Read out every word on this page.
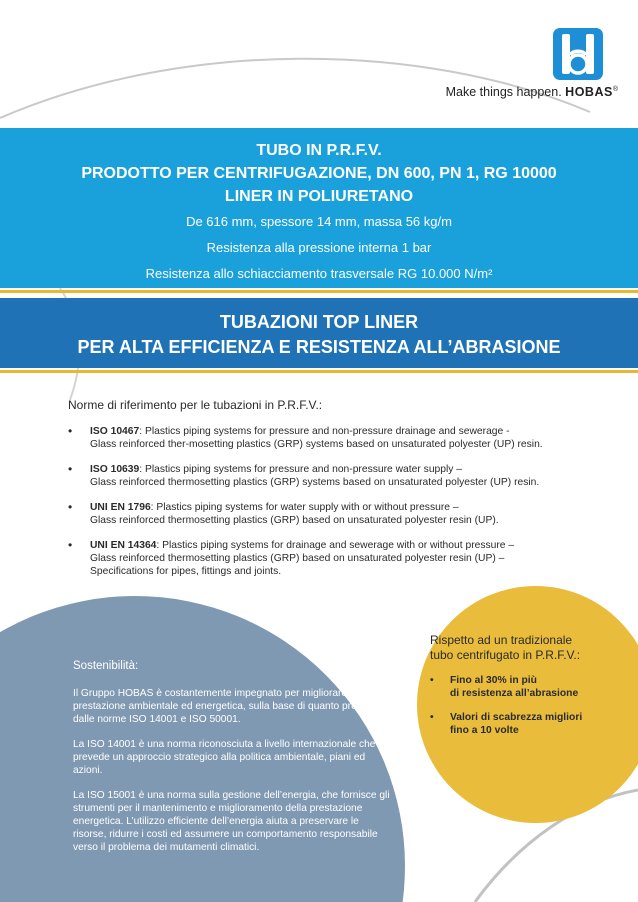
Make things happen. HOBAS®
TUBO IN P.R.F.V.
PRODOTTO PER CENTRIFUGAZIONE, DN 600, PN 1, RG 10000
LINER IN POLIURETANO
De 616 mm, spessore 14 mm, massa 56 kg/m
Resistenza alla pressione interna 1 bar
Resistenza allo schiacciamento trasversale RG 10.000 N/m²
TUBAZIONI TOP LINER
PER ALTA EFFICIENZA E RESISTENZA ALL’ABRASIONE
Norme di riferimento per le tubazioni in P.R.F.V.:
• ISO 10467: Plastics piping systems for pressure and non-pressure drainage and sewerage -
Glass reinforced ther-mosetting plastics (GRP) systems based on unsaturated polyester (UP) resin.
• ISO 10639: Plastics piping systems for pressure and non-pressure water supply –
Glass reinforced thermosetting plastics (GRP) systems based on unsaturated polyester (UP) resin.
• UNI EN 1796: Plastics piping systems for water supply with or without pressure –
Glass reinforced thermosetting plastics (GRP) based on unsaturated polyester resin (UP).
• UNI EN 14364: Plastics piping systems for drainage and sewerage with or without pressure –
Glass reinforced thermosetting plastics (GRP) based on unsaturated polyester resin (UP) –
Specifications for pipes, fittings and joints.
Sostenibilità:
Il Gruppo HOBAS è costantemente impegnato per migliorare la propria prestazione ambientale ed energetica, sulla base di quanto previsto dalle norme ISO 14001 e ISO 50001.
La ISO 14001 è una norma riconosciuta a livello internazionale che prevede un approccio strategico alla politica ambientale, piani ed azioni.
La ISO 15001 è una norma sulla gestione dell’energia, che fornisce gli strumenti per il mantenimento e miglioramento della prestazione energetica. L’utilizzo efficiente dell’energia aiuta a preservare le risorse, ridurre i costi ed assumere un comportamento responsabile verso il problema dei mutamenti climatici.
Rispetto ad un tradizionale
tubo centrifugato in P.R.F.V.:
• Fino al 30% in più
di resistenza all’abrasione
• Valori di scabrezza migliori
fino a 10 volte
